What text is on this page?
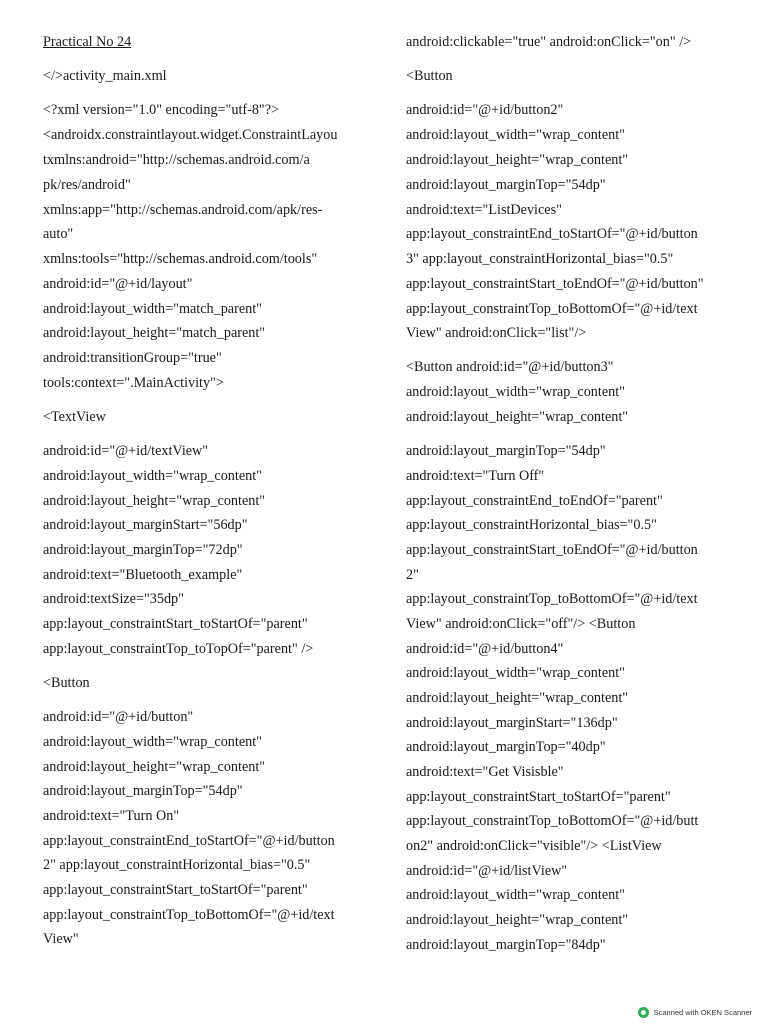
Practical No 24
</>activity_main.xml
<?xml version="1.0" encoding="utf-8"?>
<androidx.constraintlayout.widget.ConstraintLayou
txmlns:android="http://schemas.android.com/a
pk/res/android"
xmlns:app="http://schemas.android.com/apk/res-
auto"
xmlns:tools="http://schemas.android.com/tools"
android:id="@+id/layout"
android:layout_width="match_parent"
android:layout_height="match_parent"
android:transitionGroup="true"
tools:context=".MainActivity">
<TextView
android:id="@+id/textView"
android:layout_width="wrap_content"
android:layout_height="wrap_content"
android:layout_marginStart="56dp"
android:layout_marginTop="72dp"
android:text="Bluetooth_example"
android:textSize="35dp"
app:layout_constraintStart_toStartOf="parent"
app:layout_constraintTop_toTopOf="parent" />
<Button
android:id="@+id/button"
android:layout_width="wrap_content"
android:layout_height="wrap_content"
android:layout_marginTop="54dp"
android:text="Turn On"
app:layout_constraintEnd_toStartOf="@+id/button
2" app:layout_constraintHorizontal_bias="0.5"
app:layout_constraintStart_toStartOf="parent"
app:layout_constraintTop_toBottomOf="@+id/text
View"
android:clickable="true" android:onClick="on" />
<Button
android:id="@+id/button2"
android:layout_width="wrap_content"
android:layout_height="wrap_content"
android:layout_marginTop="54dp"
android:text="ListDevices"
app:layout_constraintEnd_toStartOf="@+id/button
3" app:layout_constraintHorizontal_bias="0.5"
app:layout_constraintStart_toEndOf="@+id/button"
app:layout_constraintTop_toBottomOf="@+id/text
View" android:onClick="list"/>
<Button android:id="@+id/button3"
android:layout_width="wrap_content"
android:layout_height="wrap_content"
android:layout_marginTop="54dp"
android:text="Turn Off"
app:layout_constraintEnd_toEndOf="parent"
app:layout_constraintHorizontal_bias="0.5"
app:layout_constraintStart_toEndOf="@+id/button
2"
app:layout_constraintTop_toBottomOf="@+id/text
View" android:onClick="off"/> <Button
android:id="@+id/button4"
android:layout_width="wrap_content"
android:layout_height="wrap_content"
android:layout_marginStart="136dp"
android:layout_marginTop="40dp"
android:text="Get Visisble"
app:layout_constraintStart_toStartOf="parent"
app:layout_constraintTop_toBottomOf="@+id/butt
on2" android:onClick="visible"/> <ListView
android:id="@+id/listView"
android:layout_width="wrap_content"
android:layout_height="wrap_content"
android:layout_marginTop="84dp"
Scanned with OKEN Scanner
